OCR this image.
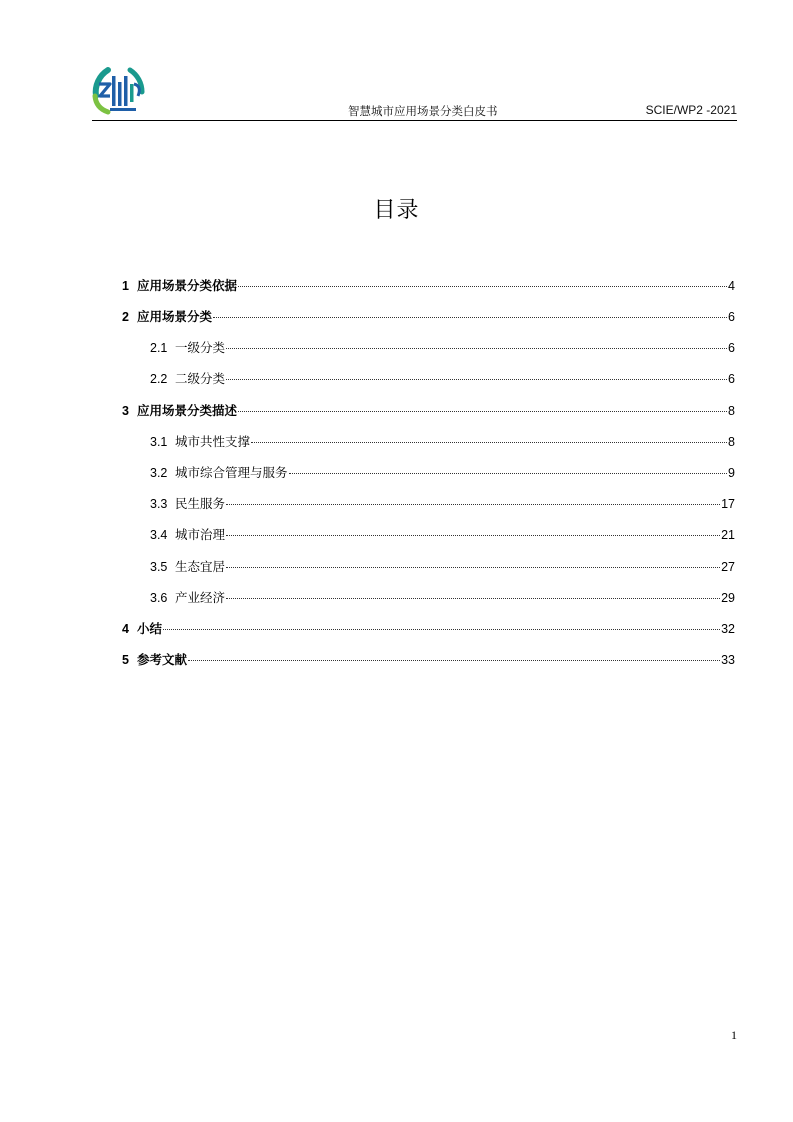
智慧城市应用场景分类白皮书	SCIE/WP2 -2021
目录
1 应用场景分类依据	4
2 应用场景分类	6
2.1 一级分类	6
2.2 二级分类	6
3 应用场景分类描述	8
3.1 城市共性支撑	8
3.2 城市综合管理与服务	9
3.3 民生服务	17
3.4 城市治理	21
3.5 生态宜居	27
3.6 产业经济	29
4 小结	32
5 参考文献	33
1
